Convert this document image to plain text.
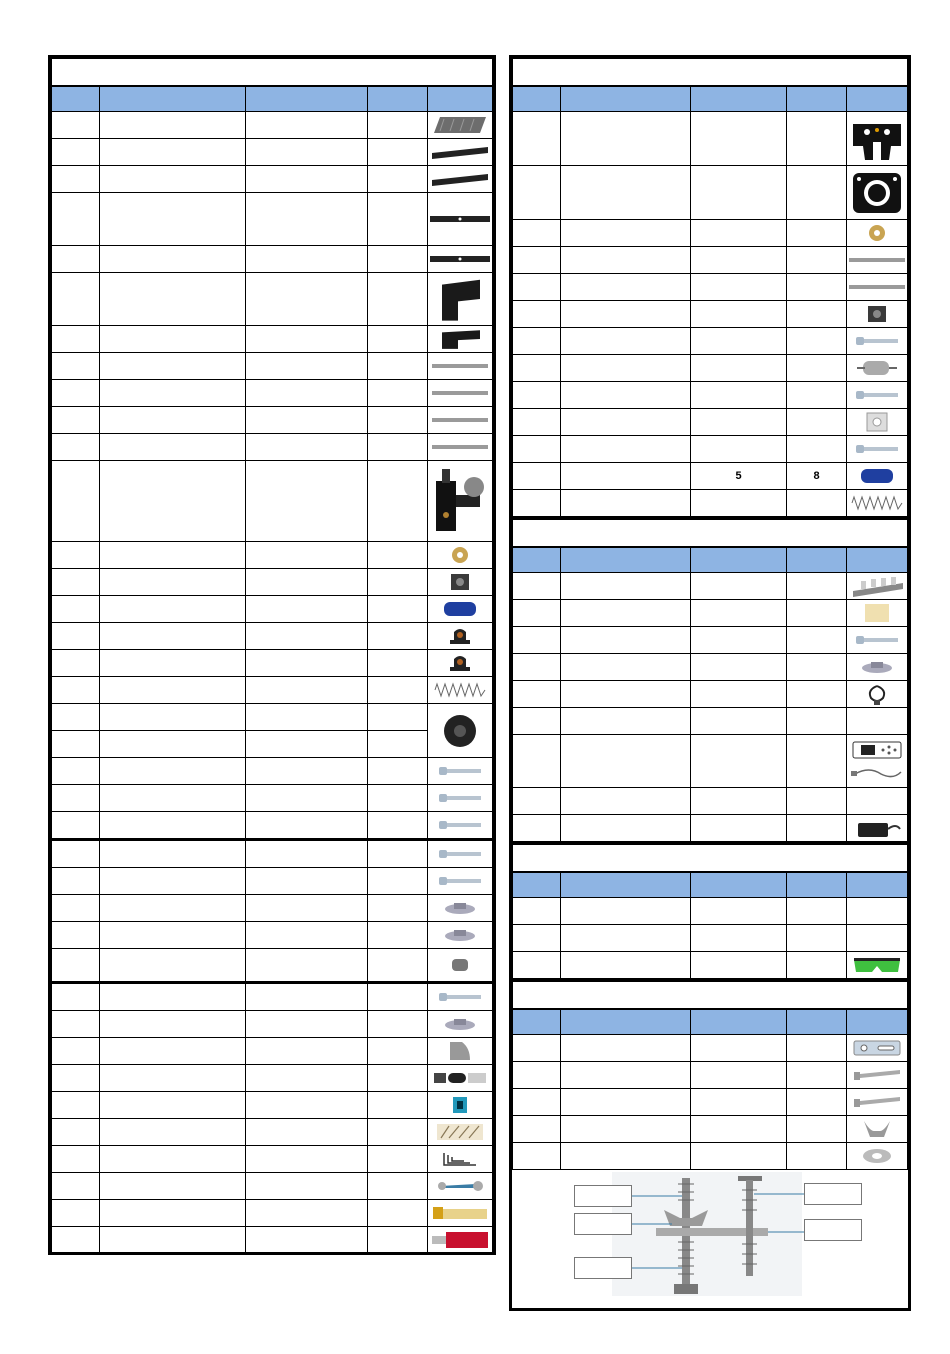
		5	8	
